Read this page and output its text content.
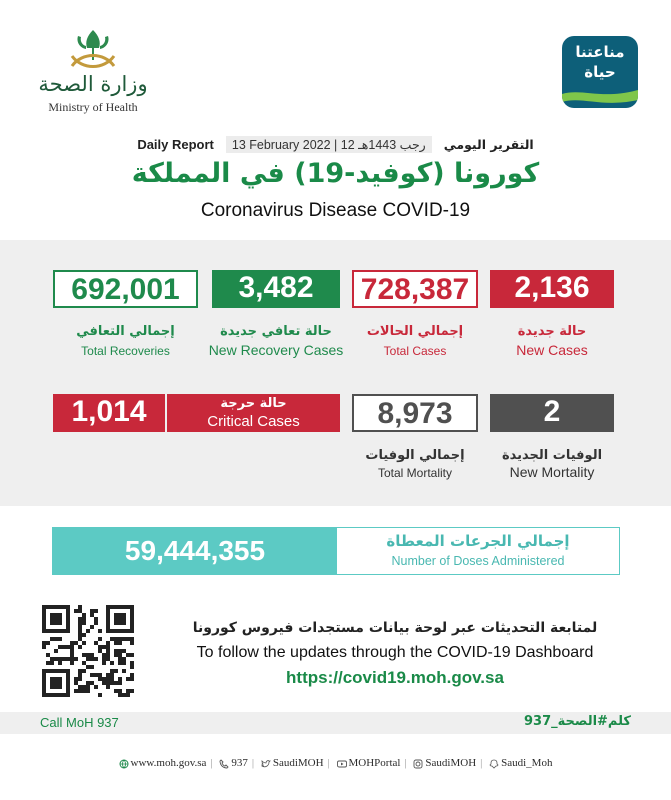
وزارة الصحة
Ministry of Health
مناعتنا
حياة
Daily Report 13 February 2022 | 12 رجب 1443هـ التقرير اليومي
كورونا (كوفيد-19) في المملكة
Coronavirus Disease COVID-19
692,001
إجمالي التعافي
Total Recoveries
3,482
حالة تعافي جديدة
New Recovery Cases
728,387
إجمالي الحالات
Total Cases
2,136
حالة جديدة
New Cases
1,014	حالة حرجة
Critical Cases	8,973
إجمالي الوفيات
Total Mortality
2
الوفيات الجديدة
New Mortality
59,444,355	إجمالي الجرعات المعطاة
Number of Doses Administered
لمتابعة التحديثات عبر لوحة بيانات مستجدات فيروس كورونا
To follow the updates through the COVID-19 Dashboard
https://covid19.moh.gov.sa
Call MoH 937	كلم#الصحة_937
www.moh.gov.sa | 937 | SaudiMOH | MOHPortal | SaudiMOH | Saudi_Moh
